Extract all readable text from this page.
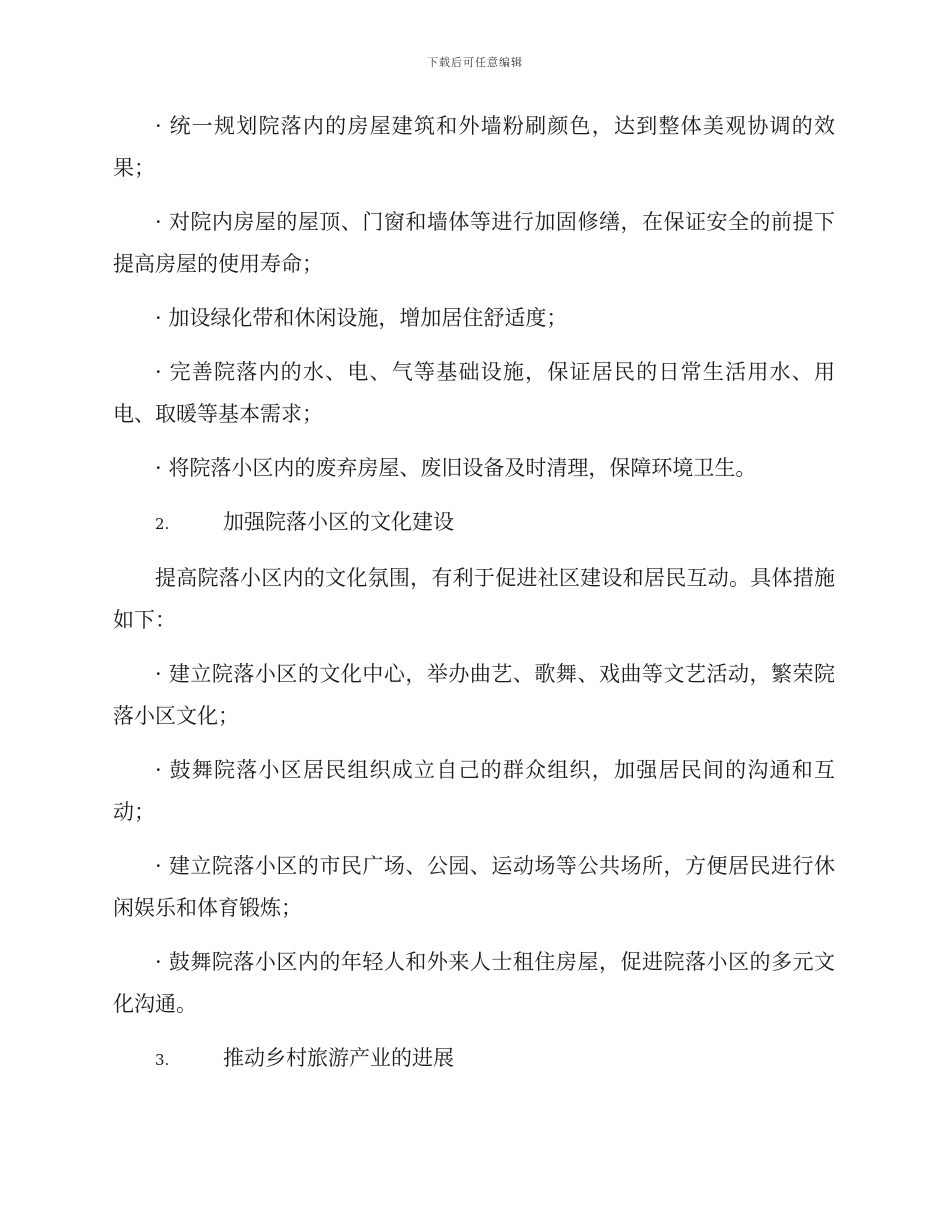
下载后可任意编辑

· 统一规划院落内的房屋建筑和外墙粉刷颜色，达到整体美观协调的效果；

· 对院内房屋的屋顶、门窗和墙体等进行加固修缮，在保证安全的前提下提高房屋的使用寿命；

· 加设绿化带和休闲设施，增加居住舒适度；

· 完善院落内的水、电、气等基础设施，保证居民的日常生活用水、用电、取暖等基本需求；

· 将院落小区内的废弃房屋、废旧设备及时清理，保障环境卫生。

2.	加强院落小区的文化建设

提高院落小区内的文化氛围，有利于促进社区建设和居民互动。具体措施如下：

· 建立院落小区的文化中心，举办曲艺、歌舞、戏曲等文艺活动，繁荣院落小区文化；

· 鼓舞院落小区居民组织成立自己的群众组织，加强居民间的沟通和互动；

· 建立院落小区的市民广场、公园、运动场等公共场所，方便居民进行休闲娱乐和体育锻炼；

· 鼓舞院落小区内的年轻人和外来人士租住房屋，促进院落小区的多元文化沟通。

3.	推动乡村旅游产业的进展
